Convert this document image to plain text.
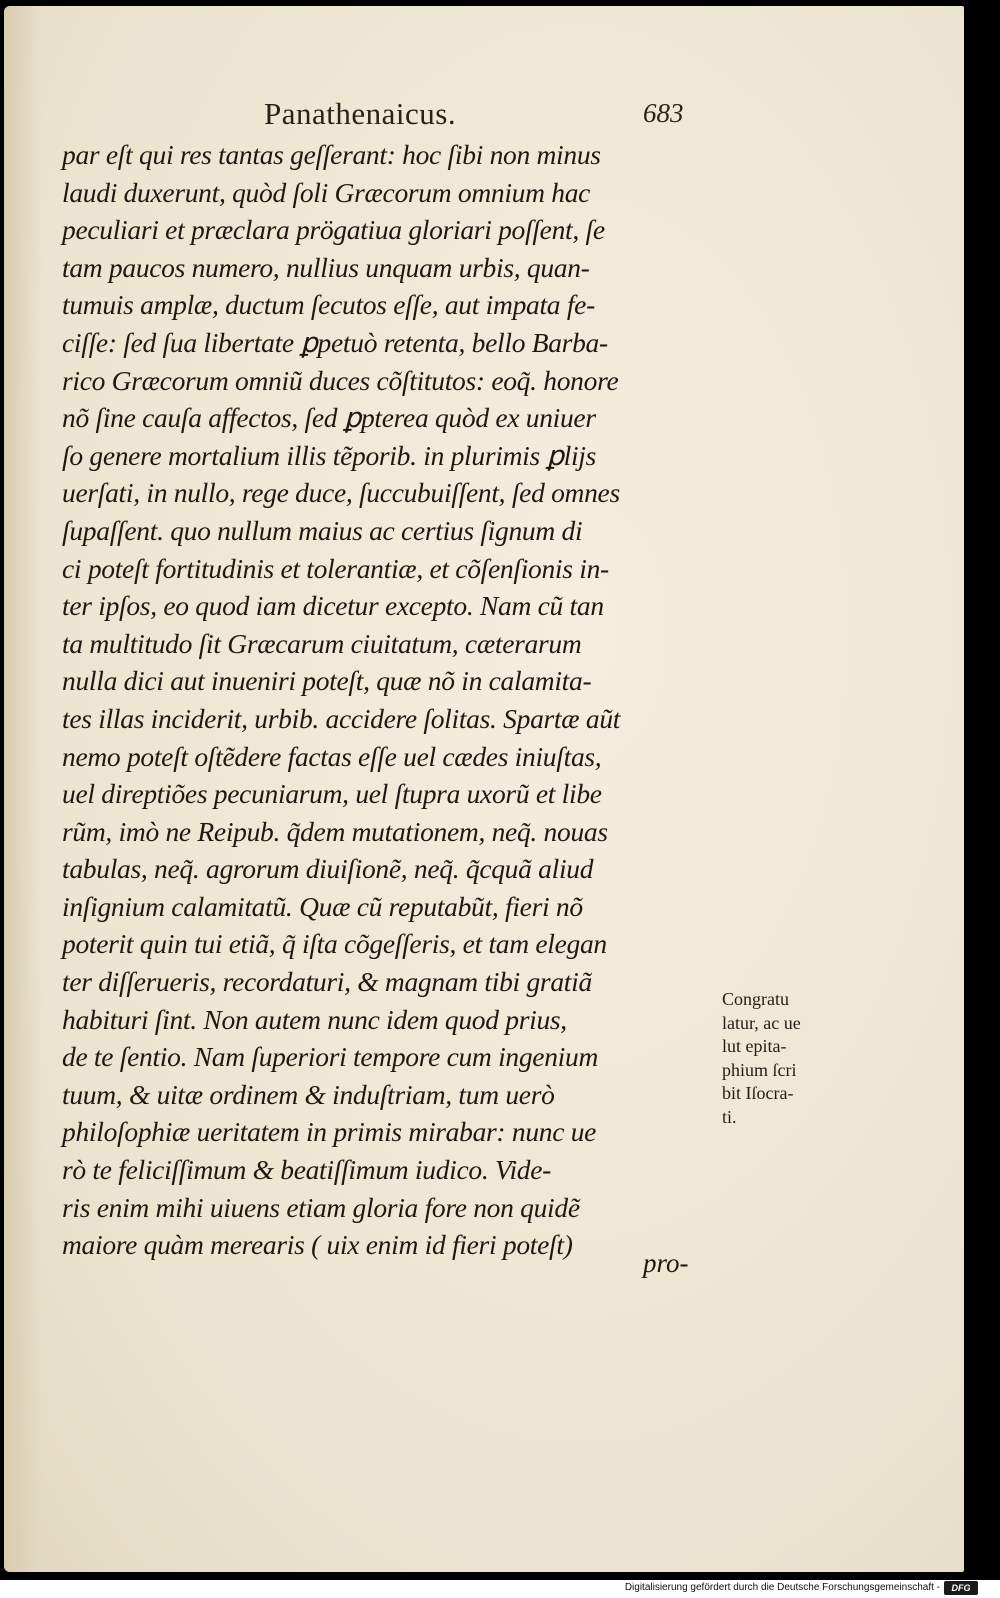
Panathenaicus.	683
par eſt qui res tantas geſſerant: hoc ſibi non minus
laudi duxerunt, quòd ſoli Græcorum omnium hac
peculiari et præclara prögatiua gloriari poſſent, ſe
tam paucos numero, nullius unquam urbis, quan-
tumuis amplæ, ductum ſecutos eſſe, aut impata fe-
ciſſe: ſed ſua libertate ꝑpetuò retenta, bello Barba-
rico Græcorum omniũ duces cõſtitutos: eoq̃. honore
nõ ſine cauſa affectos, ſed ꝑpterea quòd ex uniuer
ſo genere mortalium illis tẽporib. in plurimis ꝑlijs
uerſati, in nullo, rege duce, ſuccubuiſſent, ſed omnes
ſupaſſent. quo nullum maius ac certius ſignum di
ci poteſt fortitudinis et tolerantiæ, et cõſenſionis in-
ter ipſos, eo quod iam dicetur excepto. Nam cũ tan
ta multitudo ſit Græcarum ciuitatum, cæterarum
nulla dici aut inueniri poteſt, quæ nõ in calamita-
tes illas inciderit, urbib. accidere ſolitas. Spartæ aũt
nemo poteſt oſtẽdere factas eſſe uel cædes iniuſtas,
uel direptiões pecuniarum, uel ſtupra uxorũ et libe
rũm, imò ne Reipub. q̃dem mutationem, neq̃. nouas
tabulas, neq̃. agrorum diuiſionẽ, neq̃. q̃cquã aliud
inſignium calamitatũ. Quæ cũ reputabũt, fieri nõ
poterit quin tui etiã, q̃ iſta cõgeſſeris, et tam elegan
ter diſſerueris, recordaturi, & magnam tibi gratiã
habituri ſint. Non autem nunc idem quod prius,
de te ſentio. Nam ſuperiori tempore cum ingenium
tuum, & uitæ ordinem & induſtriam, tum uerò
philoſophiæ ueritatem in primis mirabar: nunc ue
rò te feliciſſimum & beatiſſimum iudico. Vide-
ris enim mihi uiuens etiam gloria fore non quidẽ
maiore quàm merearis ( uix enim id fieri poteſt)
pro-
Congratu
latur, ac ue
lut epita-
phium ſcri
bit Iſocra-
ti.
Digitalisierung gefördert durch die Deutsche Forschungsgemeinschaft -	DFG
